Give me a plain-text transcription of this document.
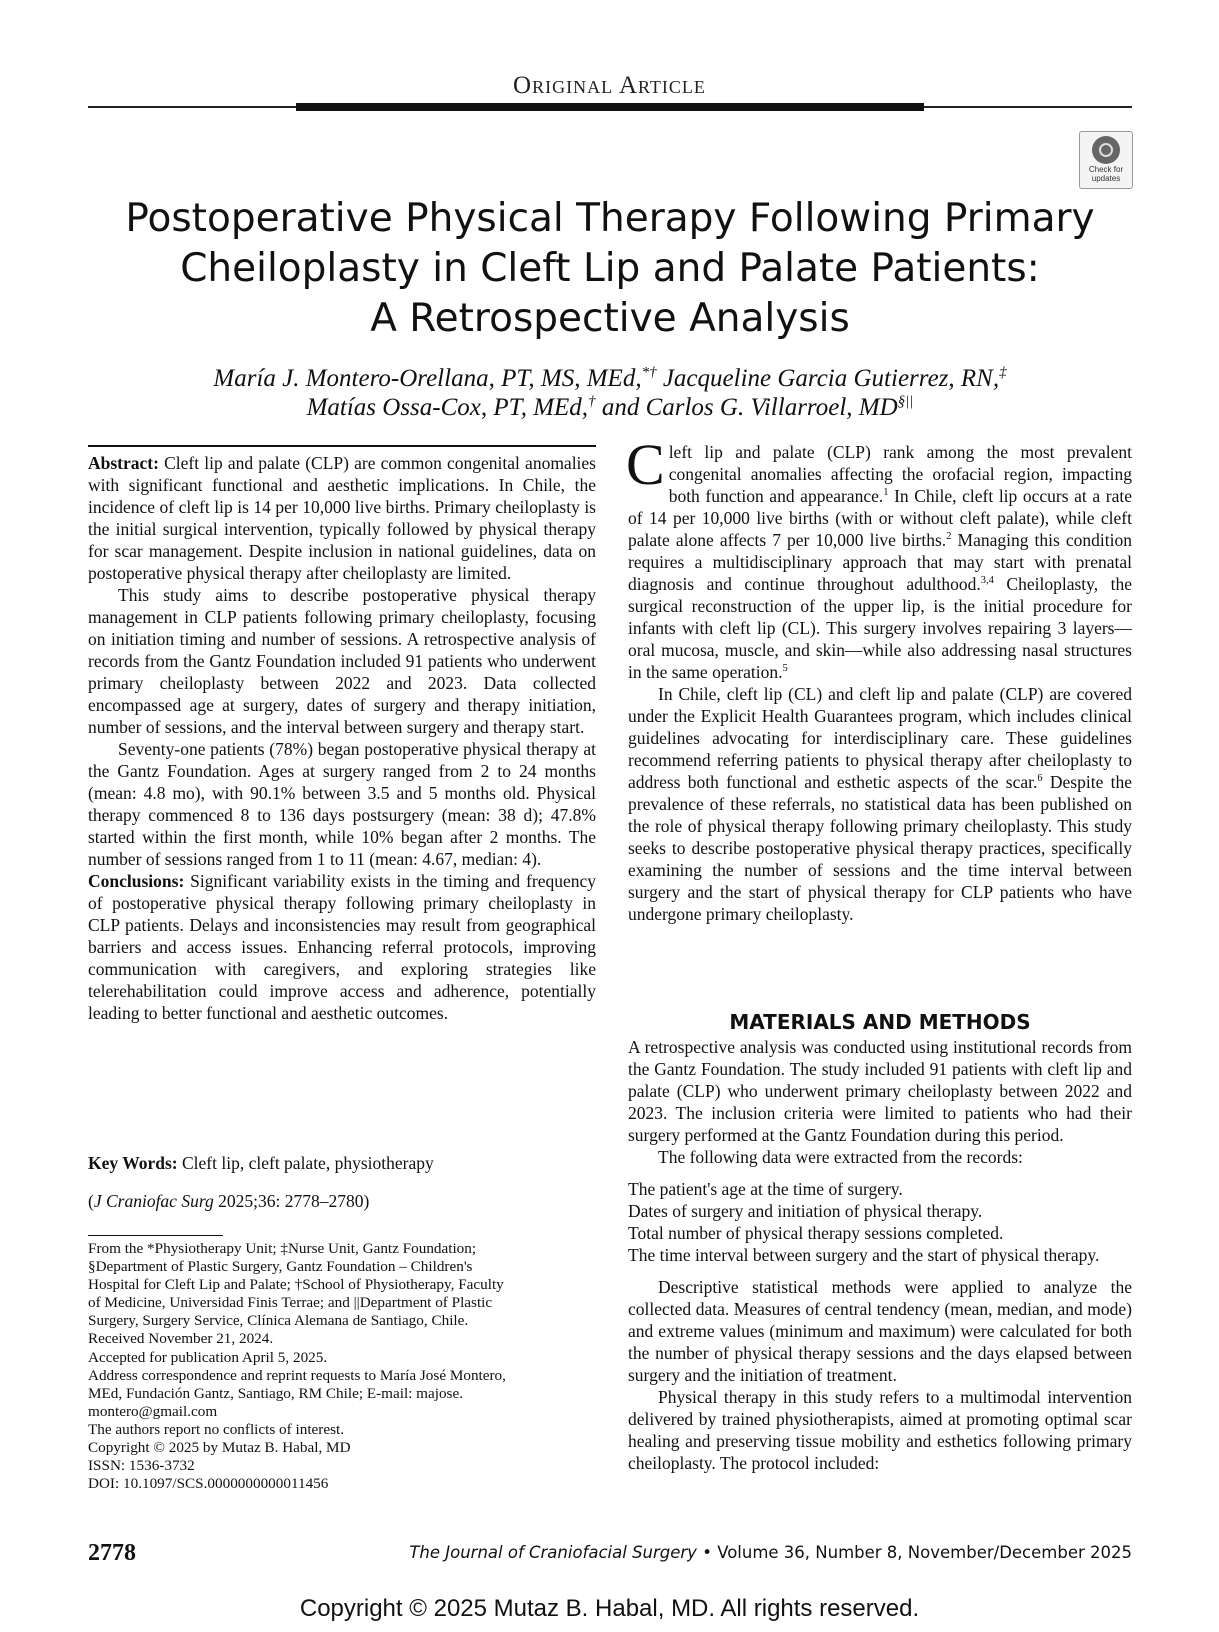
Original Article
Check for
updates
Postoperative Physical Therapy Following Primary
Cheiloplasty in Cleft Lip and Palate Patients:
A Retrospective Analysis
María J. Montero-Orellana, PT, MS, MEd,*† Jacqueline Garcia Gutierrez, RN,‡
Matías Ossa-Cox, PT, MEd,† and Carlos G. Villarroel, MD§||

Abstract: Cleft lip and palate (CLP) are common congenital anomalies with significant functional and aesthetic implications. In Chile, the incidence of cleft lip is 14 per 10,000 live births. Primary cheiloplasty is the initial surgical intervention, typically followed by physical therapy for scar management. Despite inclusion in national guidelines, data on postoperative physical therapy after cheiloplasty are limited.

This study aims to describe postoperative physical therapy management in CLP patients following primary cheiloplasty, focusing on initiation timing and number of sessions. A retrospective analysis of records from the Gantz Foundation included 91 patients who underwent primary cheiloplasty between 2022 and 2023. Data collected encompassed age at surgery, dates of surgery and therapy initiation, number of sessions, and the interval between surgery and therapy start.

Seventy-one patients (78%) began postoperative physical therapy at the Gantz Foundation. Ages at surgery ranged from 2 to 24 months (mean: 4.8 mo), with 90.1% between 3.5 and 5 months old. Physical therapy commenced 8 to 136 days postsurgery (mean: 38 d); 47.8% started within the first month, while 10% began after 2 months. The number of sessions ranged from 1 to 11 (mean: 4.67, median: 4).

Conclusions: Significant variability exists in the timing and frequency of postoperative physical therapy following primary cheiloplasty in CLP patients. Delays and inconsistencies may result from geographical barriers and access issues. Enhancing referral protocols, improving communication with caregivers, and exploring strategies like telerehabilitation could improve access and adherence, potentially leading to better functional and aesthetic outcomes.

Key Words: Cleft lip, cleft palate, physiotherapy
(J Craniofac Surg 2025;36: 2778–2780)
From the *Physiotherapy Unit; ‡Nurse Unit, Gantz Foundation;
§Department of Plastic Surgery, Gantz Foundation – Children's
Hospital for Cleft Lip and Palate; †School of Physiotherapy, Faculty
of Medicine, Universidad Finis Terrae; and ||Department of Plastic
Surgery, Surgery Service, Clínica Alemana de Santiago, Chile.
Received November 21, 2024.
Accepted for publication April 5, 2025.
Address correspondence and reprint requests to María José Montero,
MEd, Fundación Gantz, Santiago, RM Chile; E-mail: majose.
montero@gmail.com
The authors report no conflicts of interest.
Copyright © 2025 by Mutaz B. Habal, MD
ISSN: 1536-3732
DOI: 10.1097/SCS.0000000000011456

Cleft lip and palate (CLP) rank among the most prevalent congenital anomalies affecting the orofacial region, impacting both function and appearance.$^1$ In Chile, cleft lip occurs at a rate of 14 per 10,000 live births (with or without cleft palate), while cleft palate alone affects 7 per 10,000 live births.$^2$ Managing this condition requires a multidisciplinary approach that may start with prenatal diagnosis and continue throughout adulthood.$^{3,4}$ Cheiloplasty, the surgical reconstruction of the upper lip, is the initial procedure for infants with cleft lip (CL). This surgery involves repairing 3 layers—oral mucosa, muscle, and skin—while also addressing nasal structures in the same operation.$^5$

In Chile, cleft lip (CL) and cleft lip and palate (CLP) are covered under the Explicit Health Guarantees program, which includes clinical guidelines advocating for interdisciplinary care. These guidelines recommend referring patients to physical therapy after cheiloplasty to address both functional and esthetic aspects of the scar.$^6$ Despite the prevalence of these referrals, no statistical data has been published on the role of physical therapy following primary cheiloplasty. This study seeks to describe postoperative physical therapy practices, specifically examining the number of sessions and the time interval between surgery and the start of physical therapy for CLP patients who have undergone primary cheiloplasty.

MATERIALS AND METHODS

A retrospective analysis was conducted using institutional records from the Gantz Foundation. The study included 91 patients with cleft lip and palate (CLP) who underwent primary cheiloplasty between 2022 and 2023. The inclusion criteria were limited to patients who had their surgery performed at the Gantz Foundation during this period.

The following data were extracted from the records:

The patient's age at the time of surgery.
Dates of surgery and initiation of physical therapy.
Total number of physical therapy sessions completed.
The time interval between surgery and the start of physical therapy.

Descriptive statistical methods were applied to analyze the collected data. Measures of central tendency (mean, median, and mode) and extreme values (minimum and maximum) were calculated for both the number of physical therapy sessions and the days elapsed between surgery and the initiation of treatment.

Physical therapy in this study refers to a multimodal intervention delivered by trained physiotherapists, aimed at promoting optimal scar healing and preserving tissue mobility and esthetics following primary cheiloplasty. The protocol included:

2778	The Journal of Craniofacial Surgery • Volume 36, Number 8, November/December 2025
Copyright © 2025 Mutaz B. Habal, MD. All rights reserved.
